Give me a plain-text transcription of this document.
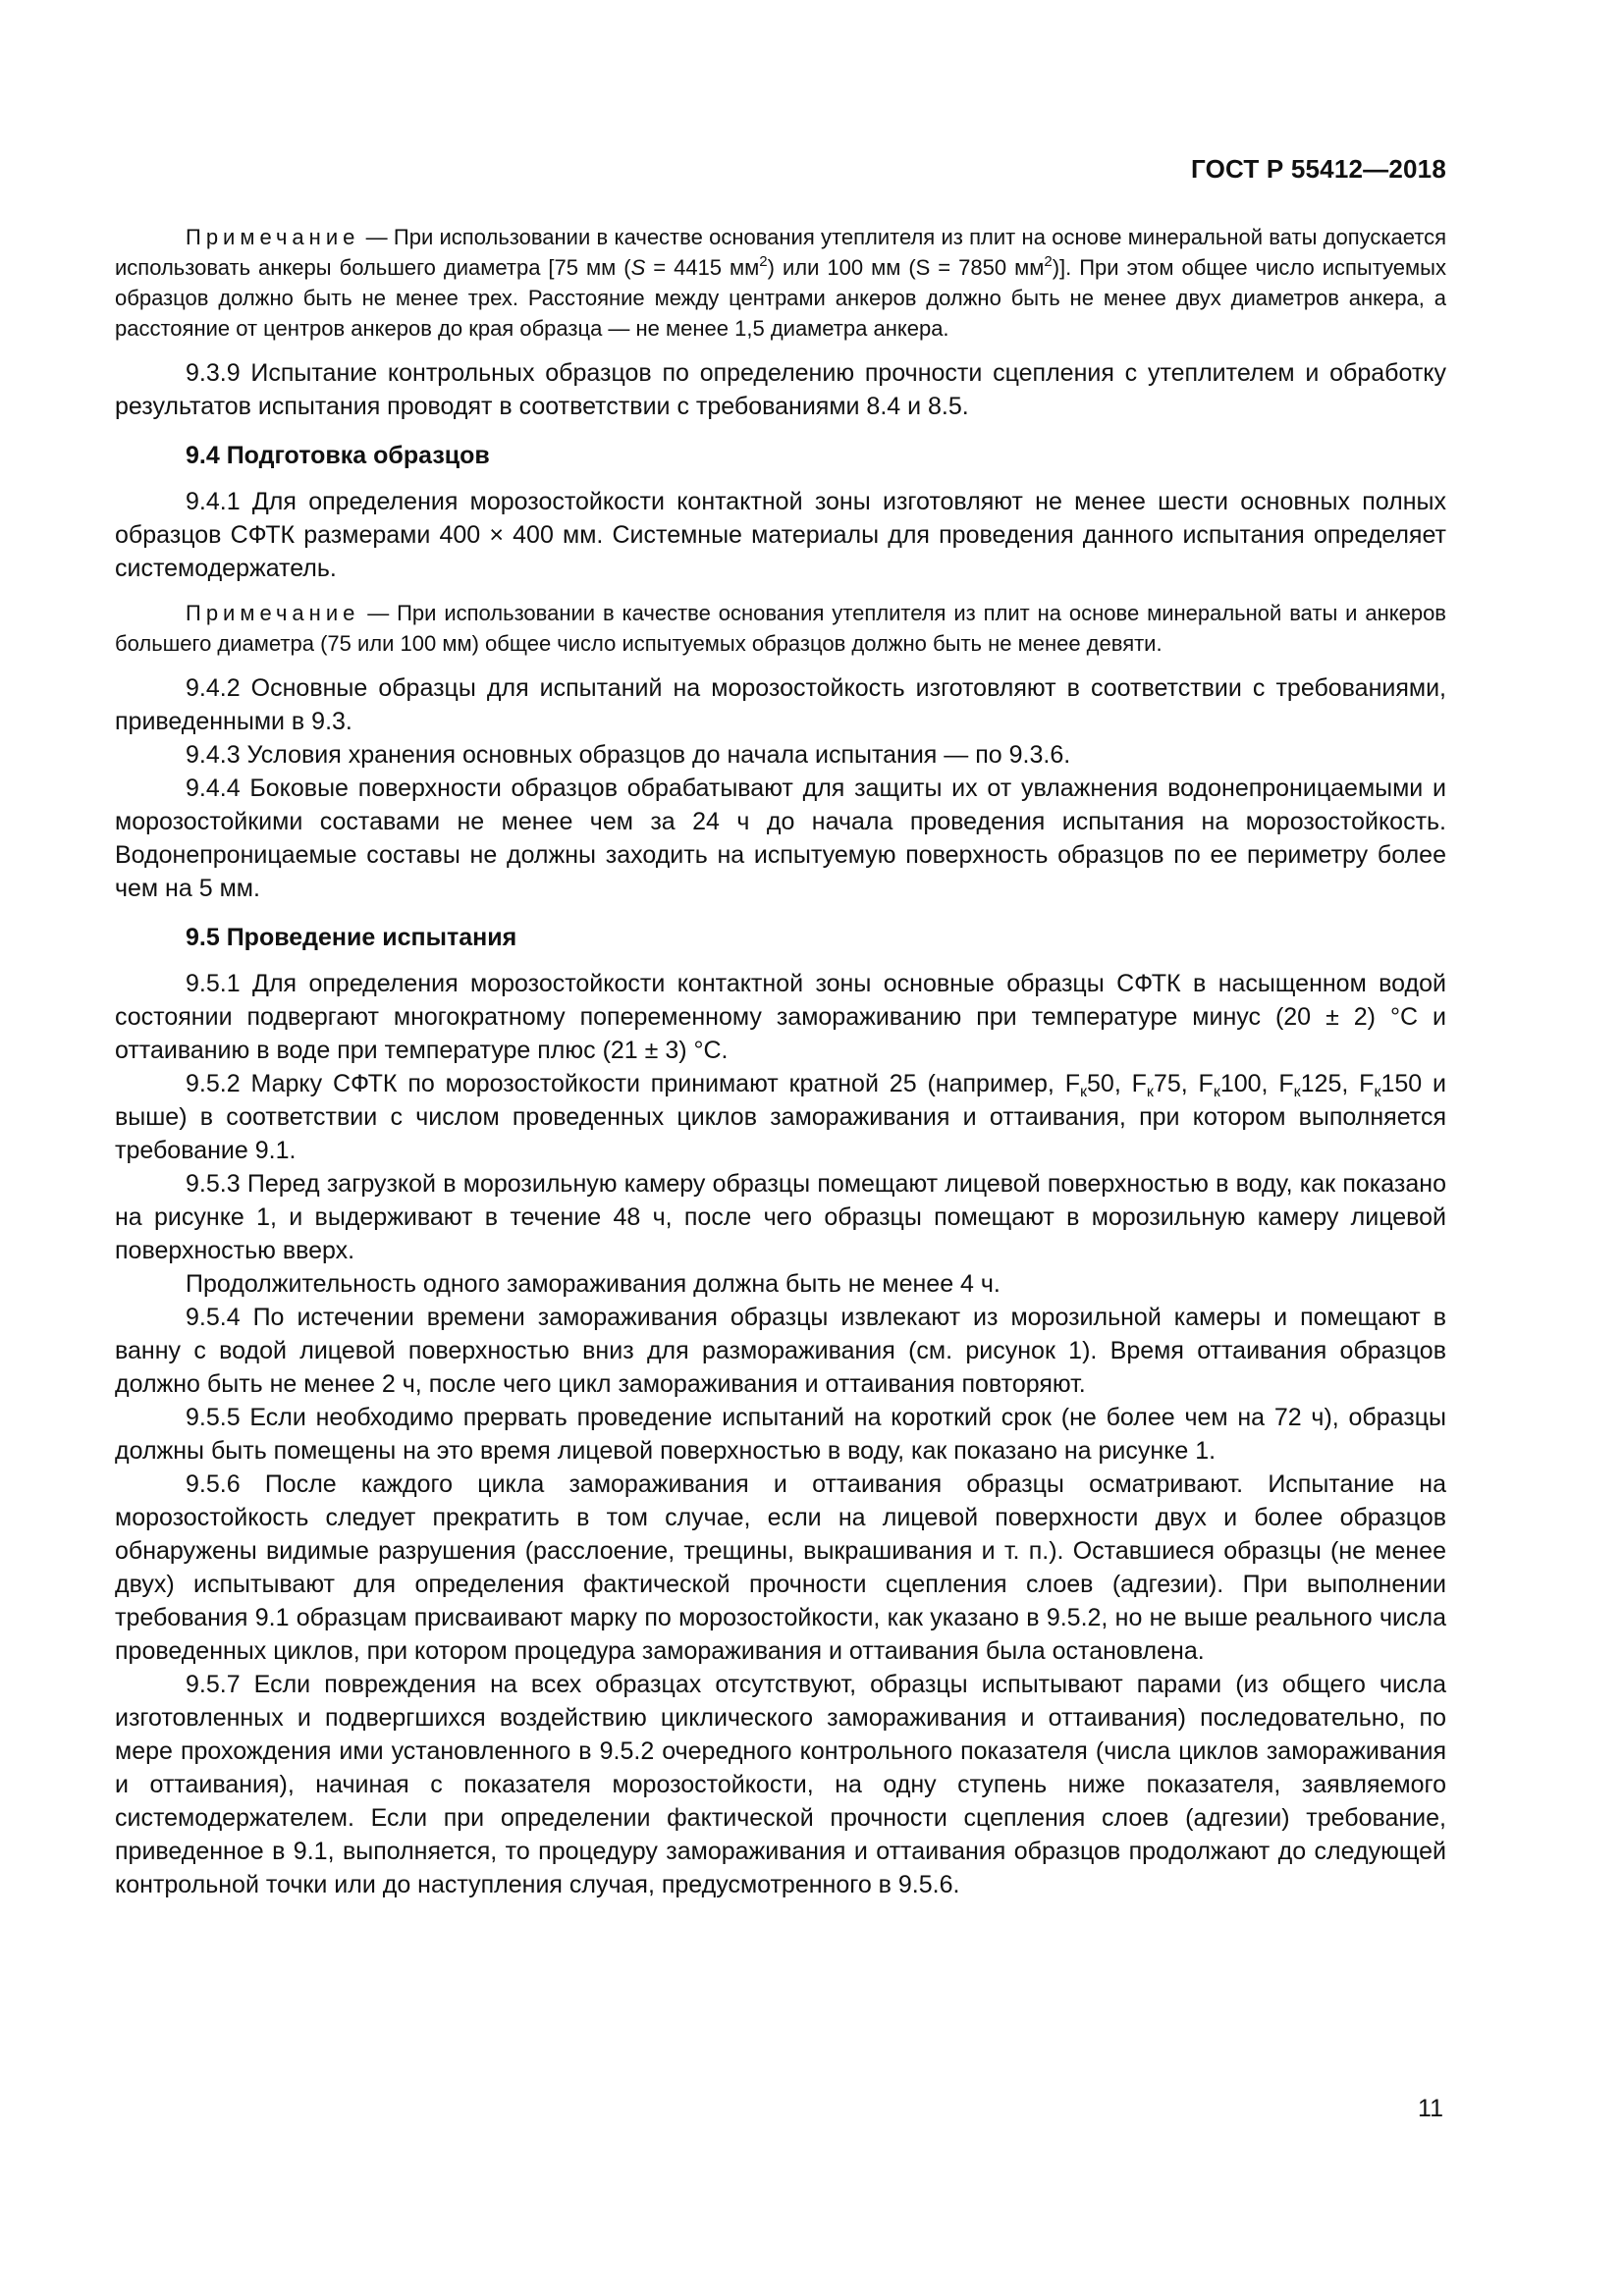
ГОСТ Р 55412—2018

Примечание — При использовании в качестве основания утеплителя из плит на основе минеральной ваты допускается использовать анкеры большего диаметра [75 мм (S = 4415 $мм^2$) или 100 мм (S = 7850 $мм^2$)]. При этом общее число испытуемых образцов должно быть не менее трех. Расстояние между центрами анкеров должно быть не менее двух диаметров анкера, а расстояние от центров анкеров до края образца — не менее 1,5 диаметра анкера.

9.3.9 Испытание контрольных образцов по определению прочности сцепления с утеплителем и обработку результатов испытания проводят в соответствии с требованиями 8.4 и 8.5.

9.4 Подготовка образцов

9.4.1 Для определения морозостойкости контактной зоны изготовляют не менее шести основных полных образцов СФТК размерами 400 × 400 мм. Системные материалы для проведения данного испытания определяет системодержатель.

Примечание — При использовании в качестве основания утеплителя из плит на основе минеральной ваты и анкеров большего диаметра (75 или 100 мм) общее число испытуемых образцов должно быть не менее девяти.

9.4.2 Основные образцы для испытаний на морозостойкость изготовляют в соответствии с требованиями, приведенными в 9.3.

9.4.3 Условия хранения основных образцов до начала испытания — по 9.3.6.

9.4.4 Боковые поверхности образцов обрабатывают для защиты их от увлажнения водонепроницаемыми и морозостойкими составами не менее чем за 24 ч до начала проведения испытания на морозостойкость. Водонепроницаемые составы не должны заходить на испытуемую поверхность образцов по ее периметру более чем на 5 мм.

9.5 Проведение испытания

9.5.1 Для определения морозостойкости контактной зоны основные образцы СФТК в насыщенном водой состоянии подвергают многократному попеременному замораживанию при температуре минус (20 ± 2) °C и оттаиванию в воде при температуре плюс (21 ± 3) °C.

9.5.2 Марку СФТК по морозостойкости принимают кратной 25 (например, $F_к50$, $F_к75$, $F_к100$, $F_к125$, $F_к150$ и выше) в соответствии с числом проведенных циклов замораживания и оттаивания, при котором выполняется требование 9.1.

9.5.3 Перед загрузкой в морозильную камеру образцы помещают лицевой поверхностью в воду, как показано на рисунке 1, и выдерживают в течение 48 ч, после чего образцы помещают в морозильную камеру лицевой поверхностью вверх.

Продолжительность одного замораживания должна быть не менее 4 ч.

9.5.4 По истечении времени замораживания образцы извлекают из морозильной камеры и помещают в ванну с водой лицевой поверхностью вниз для размораживания (см. рисунок 1). Время оттаивания образцов должно быть не менее 2 ч, после чего цикл замораживания и оттаивания повторяют.

9.5.5 Если необходимо прервать проведение испытаний на короткий срок (не более чем на 72 ч), образцы должны быть помещены на это время лицевой поверхностью в воду, как показано на рисунке 1.

9.5.6 После каждого цикла замораживания и оттаивания образцы осматривают. Испытание на морозостойкость следует прекратить в том случае, если на лицевой поверхности двух и более образцов обнаружены видимые разрушения (расслоение, трещины, выкрашивания и т. п.). Оставшиеся образцы (не менее двух) испытывают для определения фактической прочности сцепления слоев (адгезии). При выполнении требования 9.1 образцам присваивают марку по морозостойкости, как указано в 9.5.2, но не выше реального числа проведенных циклов, при котором процедура замораживания и оттаивания была остановлена.

9.5.7 Если повреждения на всех образцах отсутствуют, образцы испытывают парами (из общего числа изготовленных и подвергшихся воздействию циклического замораживания и оттаивания) последовательно, по мере прохождения ими установленного в 9.5.2 очередного контрольного показателя (числа циклов замораживания и оттаивания), начиная с показателя морозостойкости, на одну ступень ниже показателя, заявляемого системодержателем. Если при определении фактической прочности сцепления слоев (адгезии) требование, приведенное в 9.1, выполняется, то процедуру замораживания и оттаивания образцов продолжают до следующей контрольной точки или до наступления случая, предусмотренного в 9.5.6.

11
